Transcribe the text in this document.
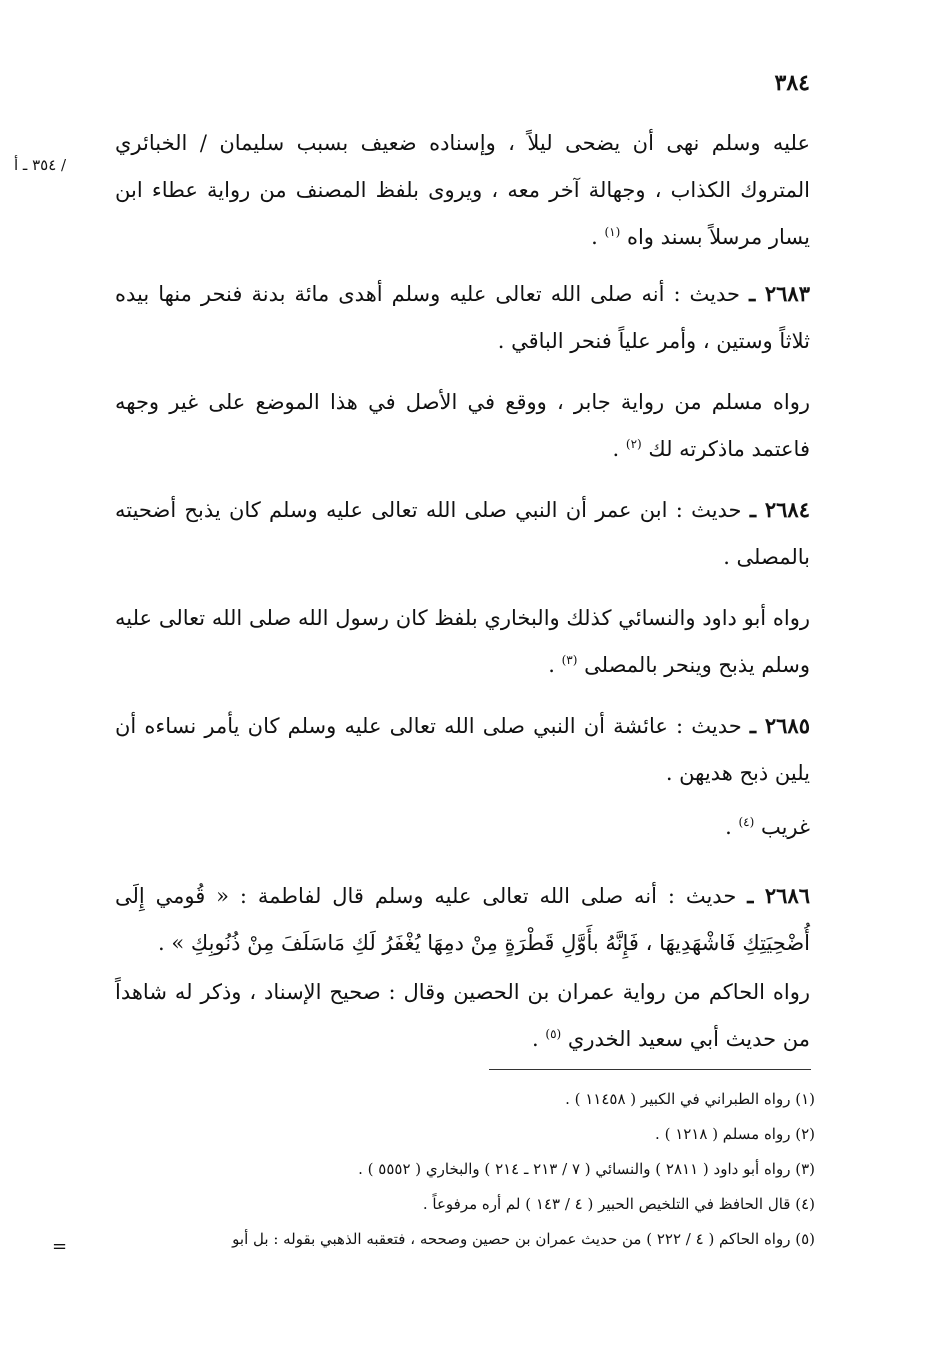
٣٨٤
/ ٣٥٤ ـ أ
=
عليه وسلم نهى أن يضحى ليلاً ، وإسناده ضعيف بسبب سليمان / الخبائري المتروك الكذاب ، وجهالة آخر معه ، ويروى بلفظ المصنف من رواية عطاء ابن يسار مرسلاً بسند واه $^{(١)}$ .
٢٦٨٣ ـ حديث : أنه صلى الله تعالى عليه وسلم أهدى مائة بدنة فنحر منها بيده ثلاثاً وستين ، وأمر علياً فنحر الباقي .
رواه مسلم من رواية جابر ، ووقع في الأصل في هذا الموضع على غير وجهه فاعتمد ماذكرته لك $^{(٢)}$ .
٢٦٨٤ ـ حديث : ابن عمر أن النبي صلى الله تعالى عليه وسلم كان يذبح أضحيته بالمصلى .
رواه أبو داود والنسائي كذلك والبخاري بلفظ كان رسول الله صلى الله تعالى عليه وسلم يذبح وينحر بالمصلى $^{(٣)}$ .
٢٦٨٥ ـ حديث : عائشة أن النبي صلى الله تعالى عليه وسلم كان يأمر نساءه أن يلين ذبح هديهن .
غريب $^{(٤)}$ .
٢٦٨٦ ـ حديث : أنه صلى الله تعالى عليه وسلم قال لفاطمة : « قُومي إِلَى أُضْحِيَتِكِ فَاشْهَدِيهَا ، فَإِنَّهُ بأَوَّلِ قَطْرَةٍ مِنْ دمِهَا يُغْفَرُ لَكِ مَاسَلَفَ مِنْ ذُنُوبِكِ » .
رواه الحاكم من رواية عمران بن الحصين وقال : صحيح الإسناد ، وذكر له شاهداً من حديث أبي سعيد الخدري $^{(٥)}$ .
(١) رواه الطبراني في الكبير ( ١١٤٥٨ ) .
(٢) رواه مسلم ( ١٢١٨ ) .
(٣) رواه أبو داود ( ٢٨١١ ) والنسائي ( ٧ / ٢١٣ ـ ٢١٤ ) والبخاري ( ٥٥٥٢ ) .
(٤) قال الحافظ في التلخيص الحبير ( ٤ / ١٤٣ ) لم أره مرفوعاً .
(٥) رواه الحاكم ( ٤ / ٢٢٢ ) من حديث عمران بن حصين وصححه ، فتعقبه الذهبي بقوله : بل أبو
